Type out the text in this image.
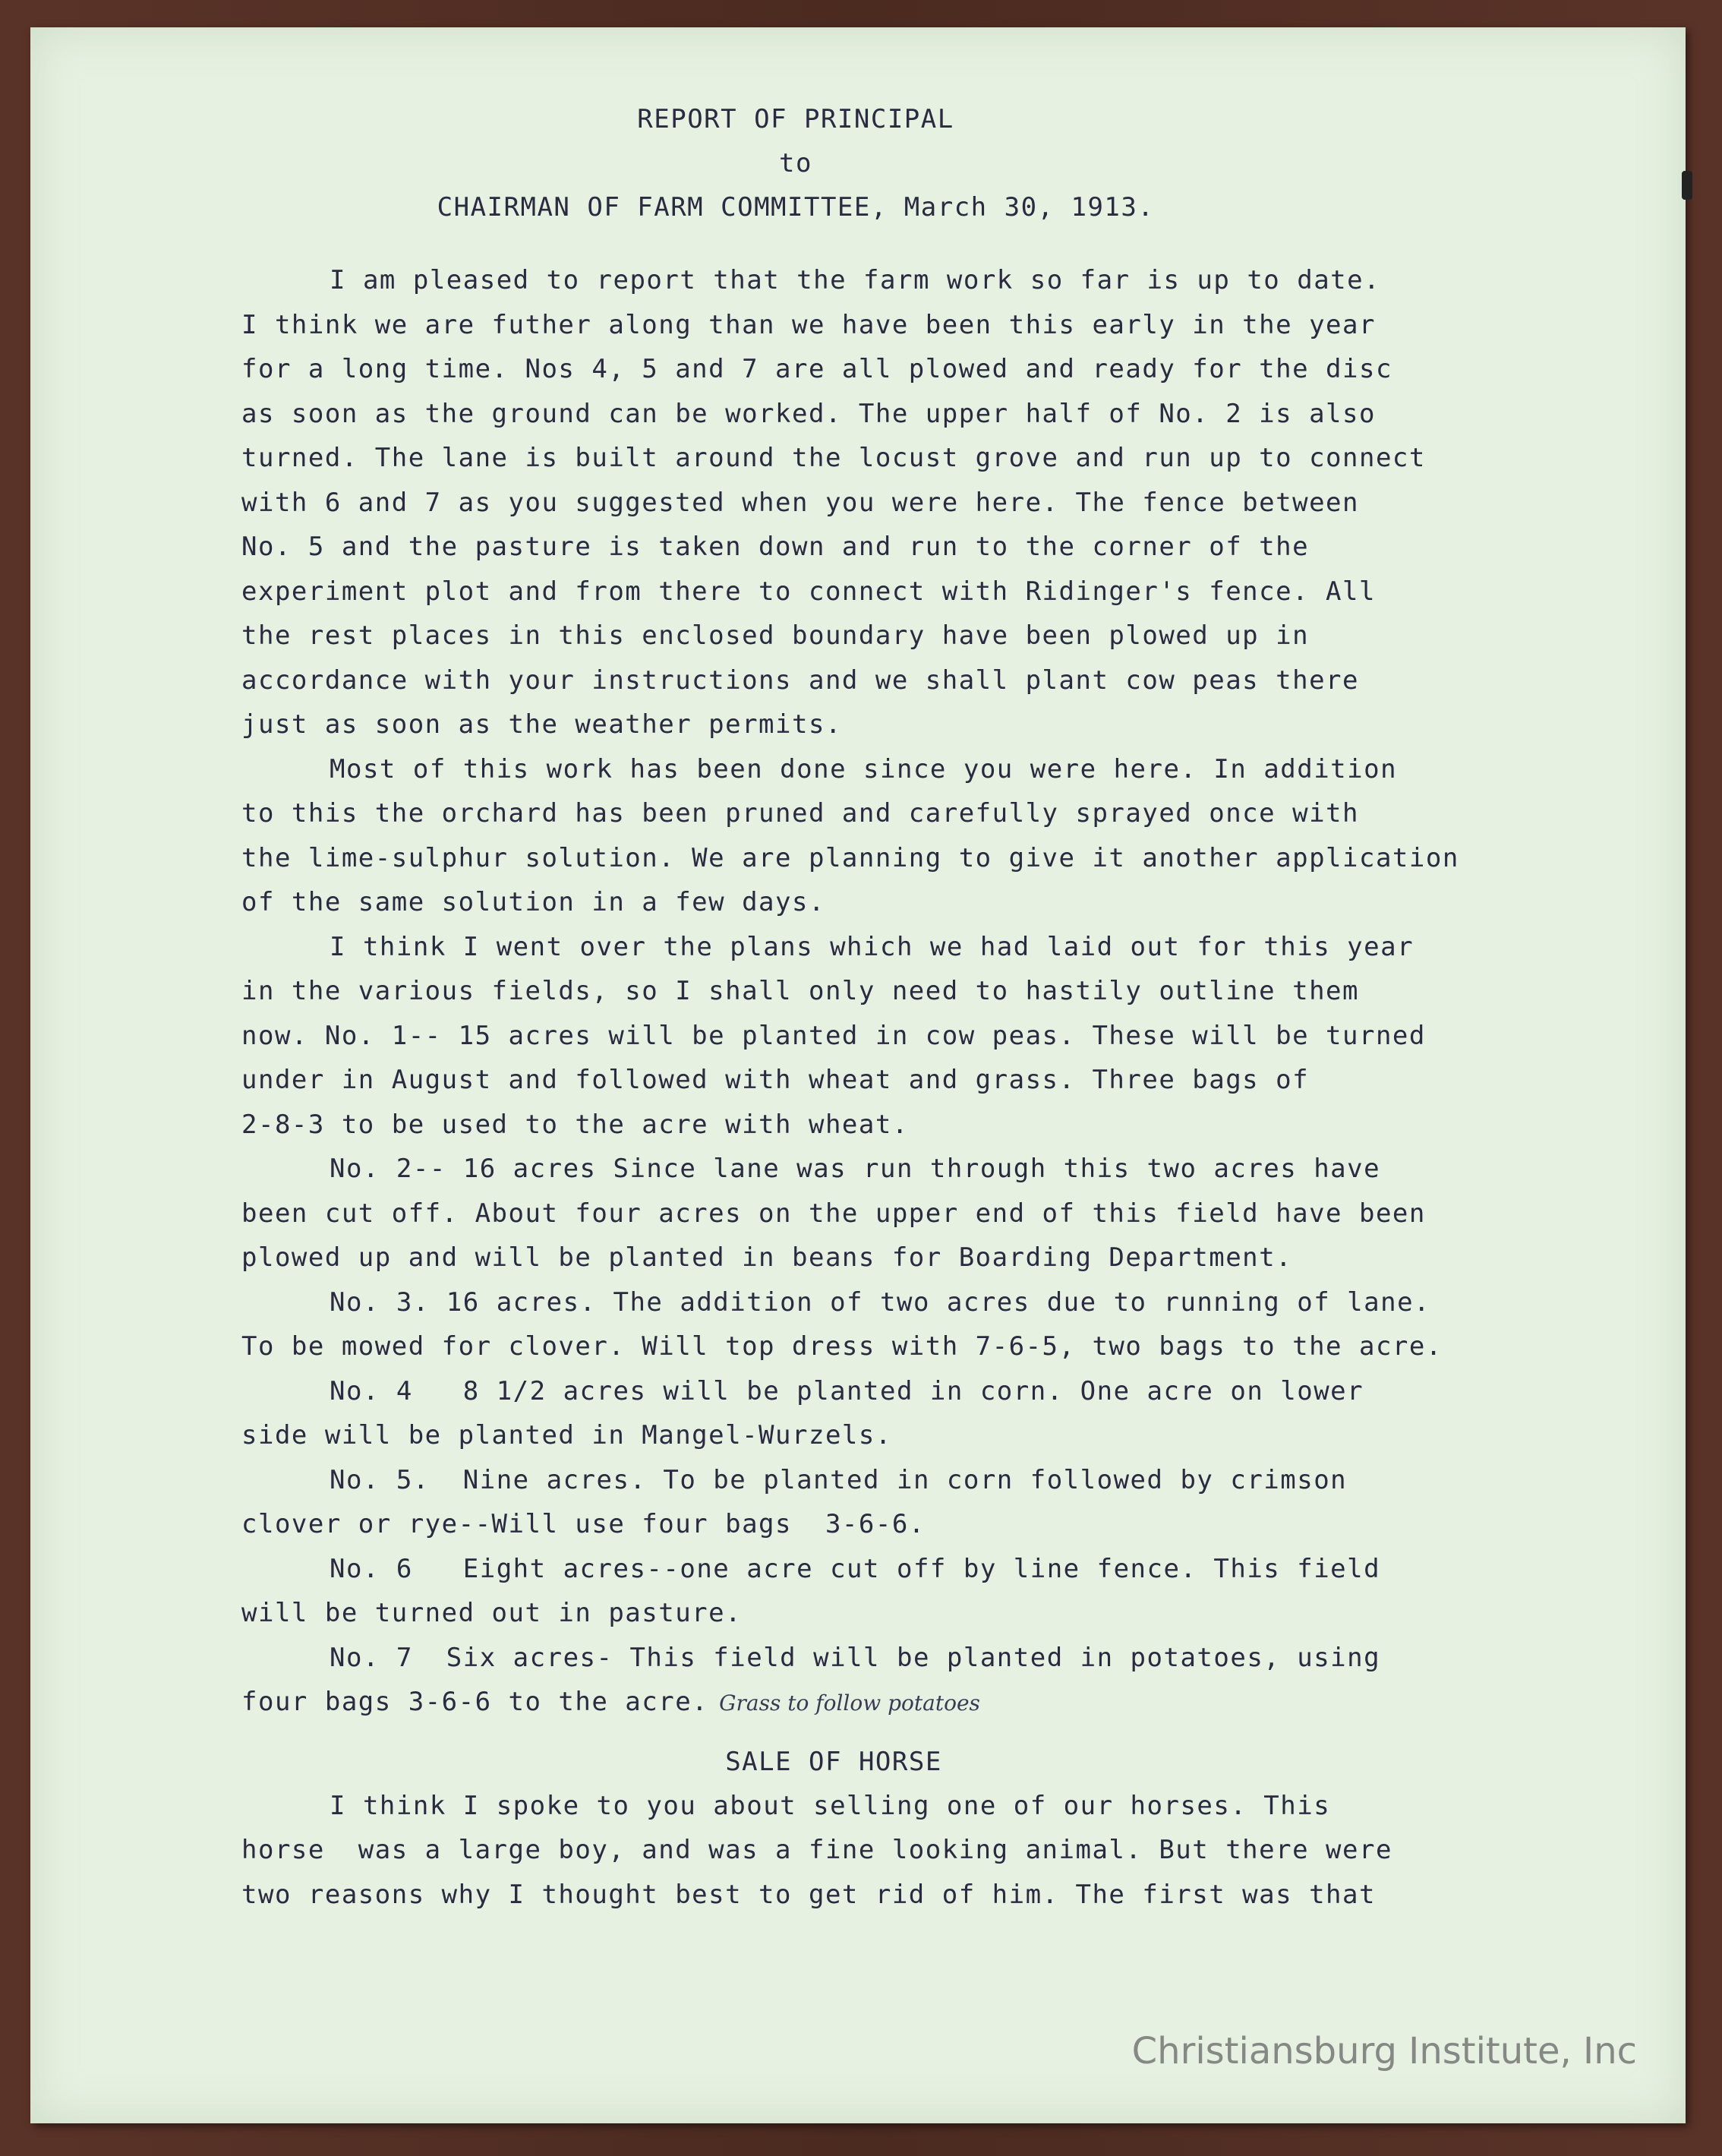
REPORT OF PRINCIPAL

to

CHAIRMAN OF FARM COMMITTEE, March 30, 1913.

I am pleased to report that the farm work so far is up to date.

I think we are futher along than we have been this early in the year

for a long time. Nos 4, 5 and 7 are all plowed and ready for the disc

as soon as the ground can be worked. The upper half of No. 2 is also

turned. The lane is built around the locust grove and run up to connect

with 6 and 7 as you suggested when you were here. The fence between

No. 5 and the pasture is taken down and run to the corner of the

experiment plot and from there to connect with Ridinger's fence. All

the rest places in this enclosed boundary have been plowed up in

accordance with your instructions and we shall plant cow peas there

just as soon as the weather permits.

Most of this work has been done since you were here. In addition

to this the orchard has been pruned and carefully sprayed once with

the lime-sulphur solution. We are planning to give it another application

of the same solution in a few days.

I think I went over the plans which we had laid out for this year

in the various fields, so I shall only need to hastily outline them

now. No. 1-- 15 acres will be planted in cow peas. These will be turned

under in August and followed with wheat and grass. Three bags of

2-8-3 to be used to the acre with wheat.

No. 2-- 16 acres Since lane was run through this two acres have

been cut off. About four acres on the upper end of this field have been

plowed up and will be planted in beans for Boarding Department.

No. 3. 16 acres. The addition of two acres due to running of lane.

To be mowed for clover. Will top dress with 7-6-5, two bags to the acre.

No. 4   8 1/2 acres will be planted in corn. One acre on lower

side will be planted in Mangel-Wurzels.

No. 5.  Nine acres. To be planted in corn followed by crimson

clover or rye--Will use four bags  3-6-6.

No. 6   Eight acres--one acre cut off by line fence. This field

will be turned out in pasture.

No. 7  Six acres- This field will be planted in potatoes, using

four bags 3-6-6 to the acre. Grass to follow potatoes

SALE OF HORSE

I think I spoke to you about selling one of our horses. This

horse  was a large boy, and was a fine looking animal. But there were

two reasons why I thought best to get rid of him. The first was that

Christiansburg Institute, Inc
